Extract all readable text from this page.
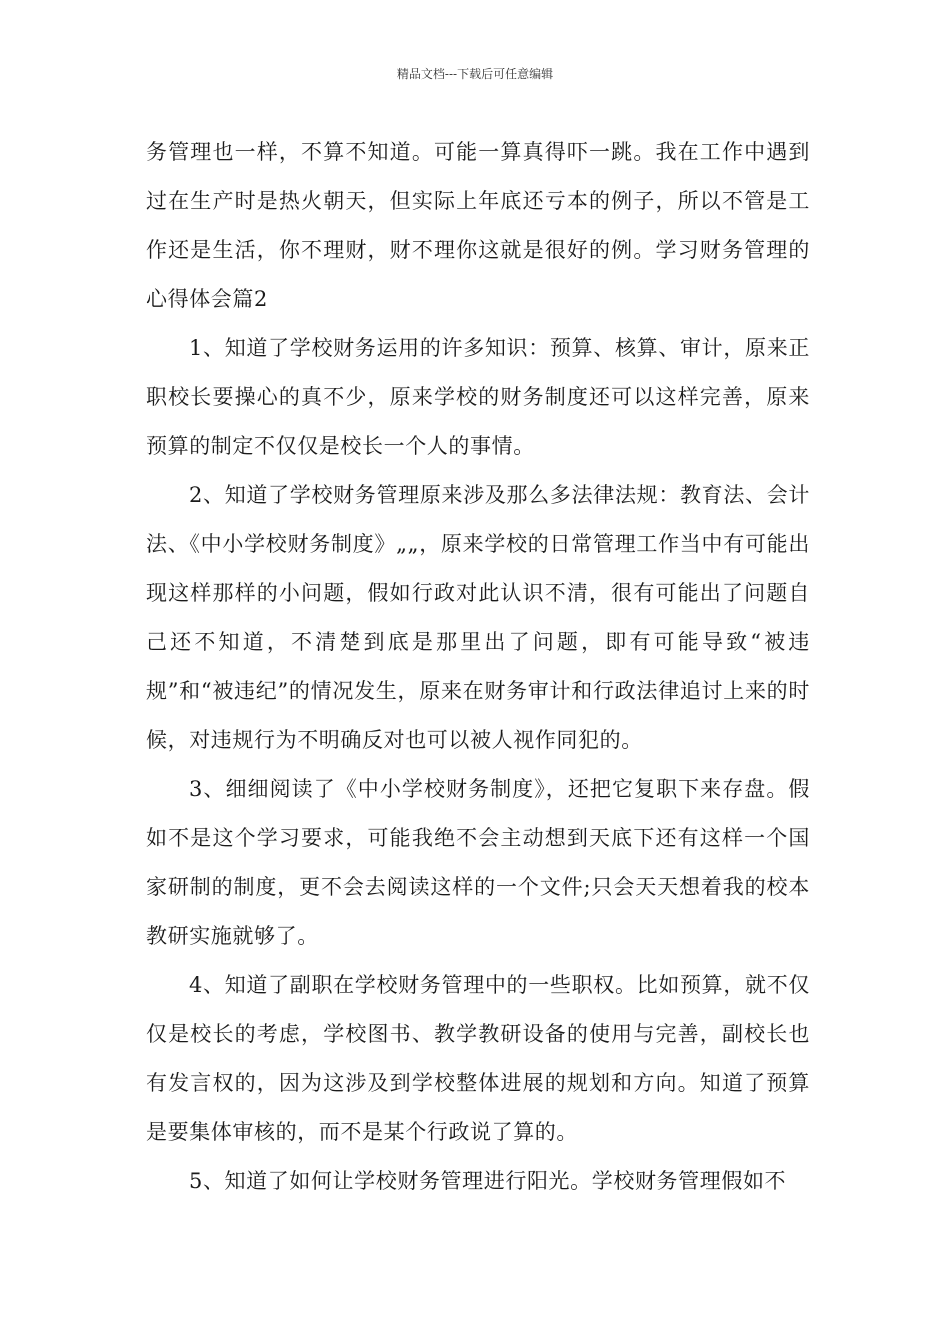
精品文档---下载后可任意编辑

务管理也一样，不算不知道。可能一算真得吓一跳。我在工作中遇到过在生产时是热火朝天，但实际上年底还亏本的例子，所以不管是工作还是生活，你不理财，财不理你这就是很好的例。学习财务管理的心得体会篇2

1、知道了学校财务运用的许多知识：预算、核算、审计，原来正职校长要操心的真不少，原来学校的财务制度还可以这样完善，原来预算的制定不仅仅是校长一个人的事情。

2、知道了学校财务管理原来涉及那么多法律法规：教育法、会计法、《中小学校财务制度》„„，原来学校的日常管理工作当中有可能出现这样那样的小问题，假如行政对此认识不清，很有可能出了问题自己还不知道，不清楚到底是那里出了问题，即有可能导致“被违规”和“被违纪”的情况发生，原来在财务审计和行政法律追讨上来的时候，对违规行为不明确反对也可以被人视作同犯的。

3、细细阅读了《中小学校财务制度》，还把它复职下来存盘。假如不是这个学习要求，可能我绝不会主动想到天底下还有这样一个国家研制的制度，更不会去阅读这样的一个文件;只会天天想着我的校本教研实施就够了。

4、知道了副职在学校财务管理中的一些职权。比如预算，就不仅仅是校长的考虑，学校图书、教学教研设备的使用与完善，副校长也有发言权的，因为这涉及到学校整体进展的规划和方向。知道了预算是要集体审核的，而不是某个行政说了算的。

5、知道了如何让学校财务管理进行阳光。学校财务管理假如不
